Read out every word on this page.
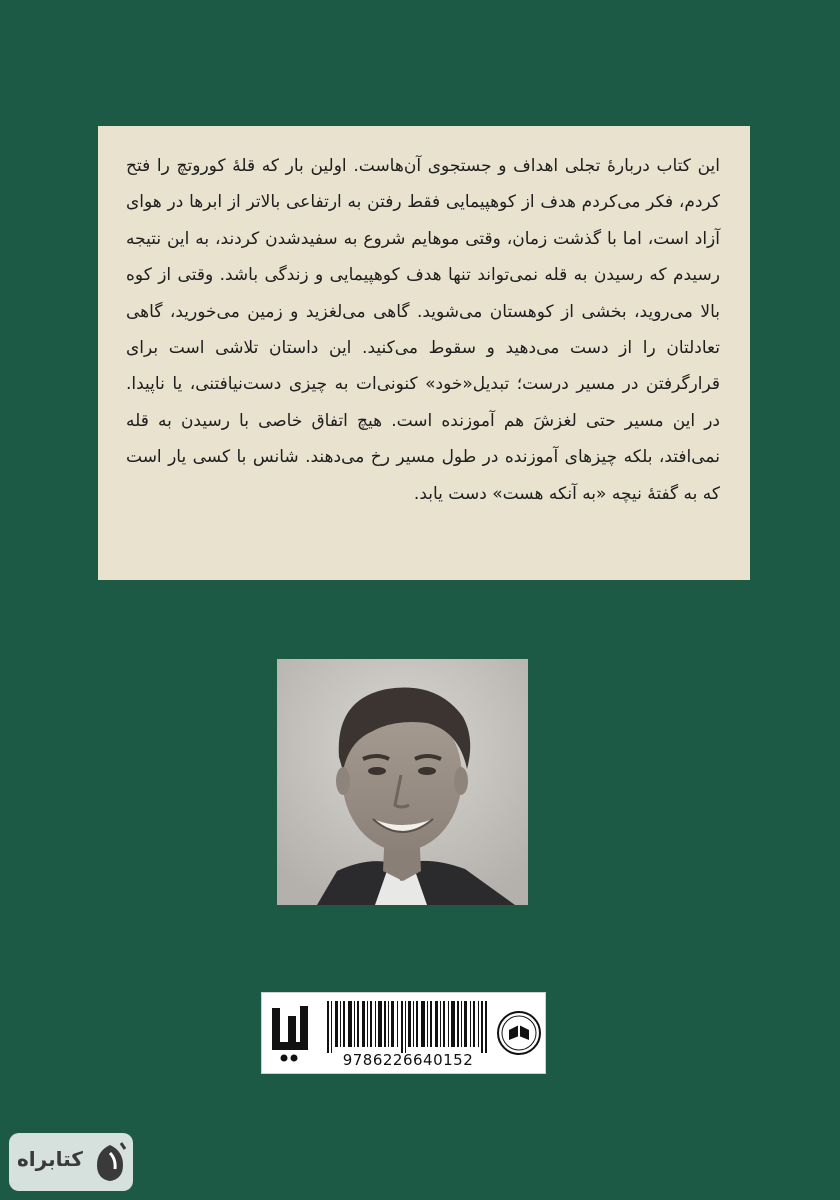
این کتاب دربارهٔ تجلی اهداف و جستجوی آن‌هاست. اولین بار که قلهٔ کوروتچ را فتح کردم، فکر می‌کردم هدف از کوهپیمایی فقط رفتن به ارتفاعی بالاتر از ابرها در هوای آزاد است، اما با گذشت زمان، وقتی موهایم شروع به سفیدشدن کردند، به این نتیجه رسیدم که رسیدن به قله نمی‌تواند تنها هدف کوهپیمایی و زندگی باشد. وقتی از کوه بالا می‌روید، بخشی از کوهستان می‌شوید. گاهی می‌لغزید و زمین می‌خورید، گاهی تعادلتان را از دست می‌دهید و سقوط می‌کنید. این داستان تلاشی است برای قرارگرفتن در مسیر درست؛ تبدیل«خود» کنونی‌ات به چیزی دست‌نیافتنی، یا ناپیدا. در این مسیر حتی لغزشَ هم آموزنده است. هیچ اتفاق خاصی با رسیدن به قله نمی‌افتد، بلکه چیزهای آموزنده در طول مسیر رخ می‌دهند. شانس با کسی یار است که به گفتهٔ نیچه «به آنکه هست» دست یابد.

9786226640152
کتابراه
